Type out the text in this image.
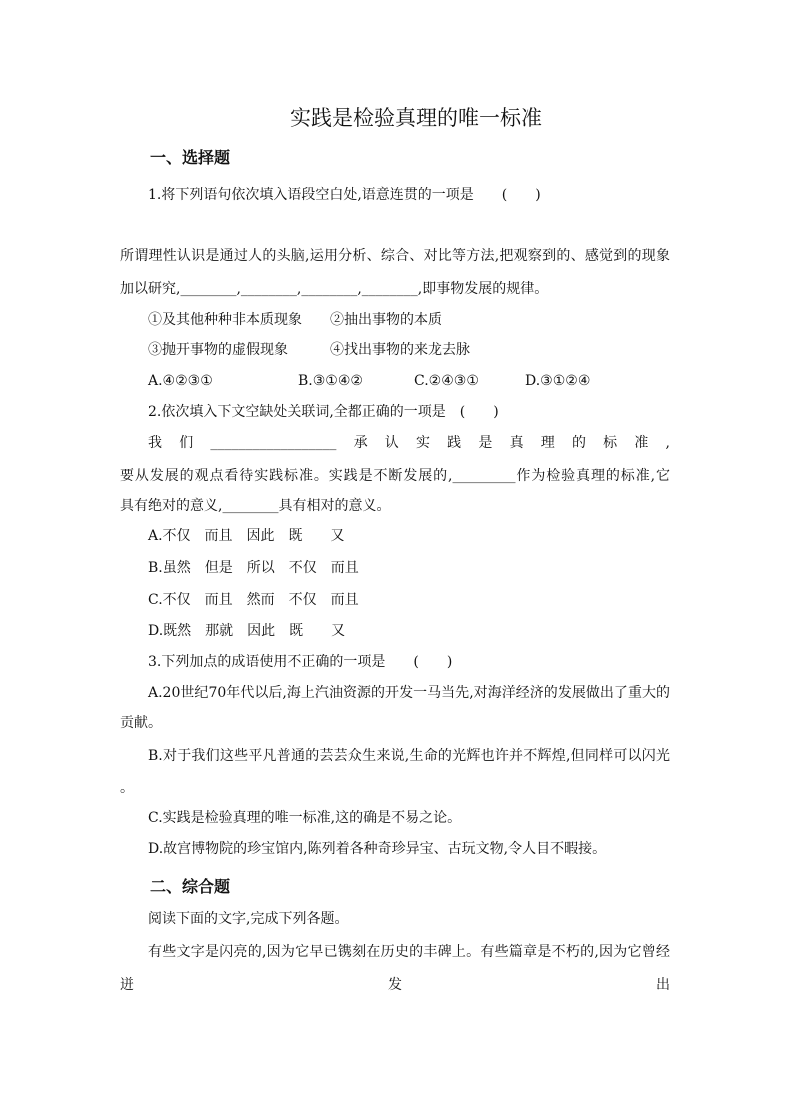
实践是检验真理的唯一标准
一、选择题
1.将下列语句依次填入语段空白处,语意连贯的一项是　　(　　)
所谓理性认识是通过人的头脑,运用分析、综合、对比等方法,把观察到的、感觉到的现象
加以研究,________,________,________,________,即事物发展的规律。
①及其他种种非本质现象　　②抽出事物的本质
③抛开事物的虚假现象　　　④找出事物的来龙去脉
A.④②③①	B.③①④②	C.②④③①	D.③①②④
2.依次填入下文空缺处关联词,全都正确的一项是　(　　)
我们__________________承认实践是真理的标准,
要从发展的观点看待实践标准。实践是不断发展的,_________作为检验真理的标准,它
具有绝对的意义,________具有相对的意义。
A.不仅　而且　因此　既　　又
B.虽然　但是　所以　不仅　而且
C.不仅　而且　然而　不仅　而且
D.既然　那就　因此　既　　又
3.下列加点的成语使用不正确的一项是　　(　　)
A.20世纪70年代以后,海上汽油资源的开发一马当先,对海洋经济的发展做出了重大的
贡献。
B.对于我们这些平凡普通的芸芸众生来说,生命的光辉也许并不辉煌,但同样可以闪光
。
C.实践是检验真理的唯一标准,这的确是不易之论。
D.故宫博物院的珍宝馆内,陈列着各种奇珍异宝、古玩文物,令人目不暇接。
二、综合题
阅读下面的文字,完成下列各题。
有些文字是闪亮的,因为它早已镌刻在历史的丰碑上。有些篇章是不朽的,因为它曾经
迸发出
